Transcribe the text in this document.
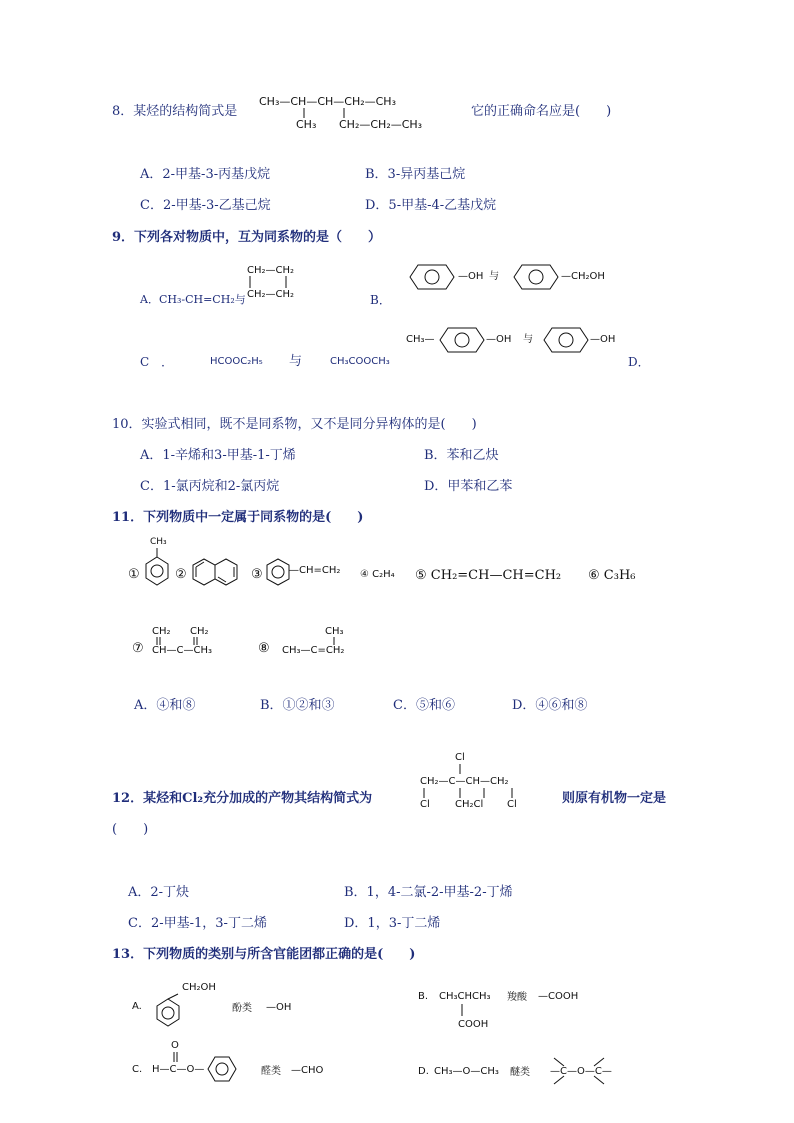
8．某烃的结构简式是
CH₃—CH—CH—CH₂—CH₃
CH₃ CH₂—CH₂—CH₃
它的正确命名应是(　　)
A．2-甲基-3-丙基戊烷	B．3-异丙基己烷
C．2-甲基-3-乙基己烷	D．5-甲基-4-乙基戊烷
9．下列各对物质中，互为同系物的是（　　）
A．CH₃-CH=CH₂与
CH₂—CH₂
CH₂—CH₂	B．
—OH 与	—CH₂OH
CH₃—	—OH 与	—OH
C　．	HCOOC₂H₅ 与	CH₃COOCH₃	D．
10．实验式相同，既不是同系物，又不是同分异构体的是(　　)
A．1-辛烯和3-甲基-1-丁烯	B．苯和乙炔
C．1-氯丙烷和2-氯丙烷	D．甲苯和乙苯
11．下列物质中一定属于同系物的是(　　)
①
CH₃
②	③	—CH=CH₂ ④ C₂H₄ ⑤ CH₂=CH—CH=CH₂ ⑥ C₃H₆
⑦
CH₂ CH₂
CH—C—CH₃	⑧
CH₃
CH₃—C=CH₂
A．④和⑧	B．①②和③	C．⑤和⑥	D．④⑥和⑧
12．某烃和Cl₂充分加成的产物其结构简式为
Cl
CH₂—C—CH—CH₂
Cl	CH₂Cl Cl	则原有机物一定是
(　　)
A．2-丁炔	B．1，4-二氯-2-甲基-2-丁烯
C．2-甲基-1，3-丁二烯	D．1，3-丁二烯
13．下列物质的类别与所含官能团都正确的是(　　)
A.
CH₂OH
酚类 —OH
B. CH₃CHCH₃
COOH
羧酸 —COOH
C.
O
H—C—O—	醛类 —CHO	D. CH₃—O—CH₃ 醚类 —C—O—C—
